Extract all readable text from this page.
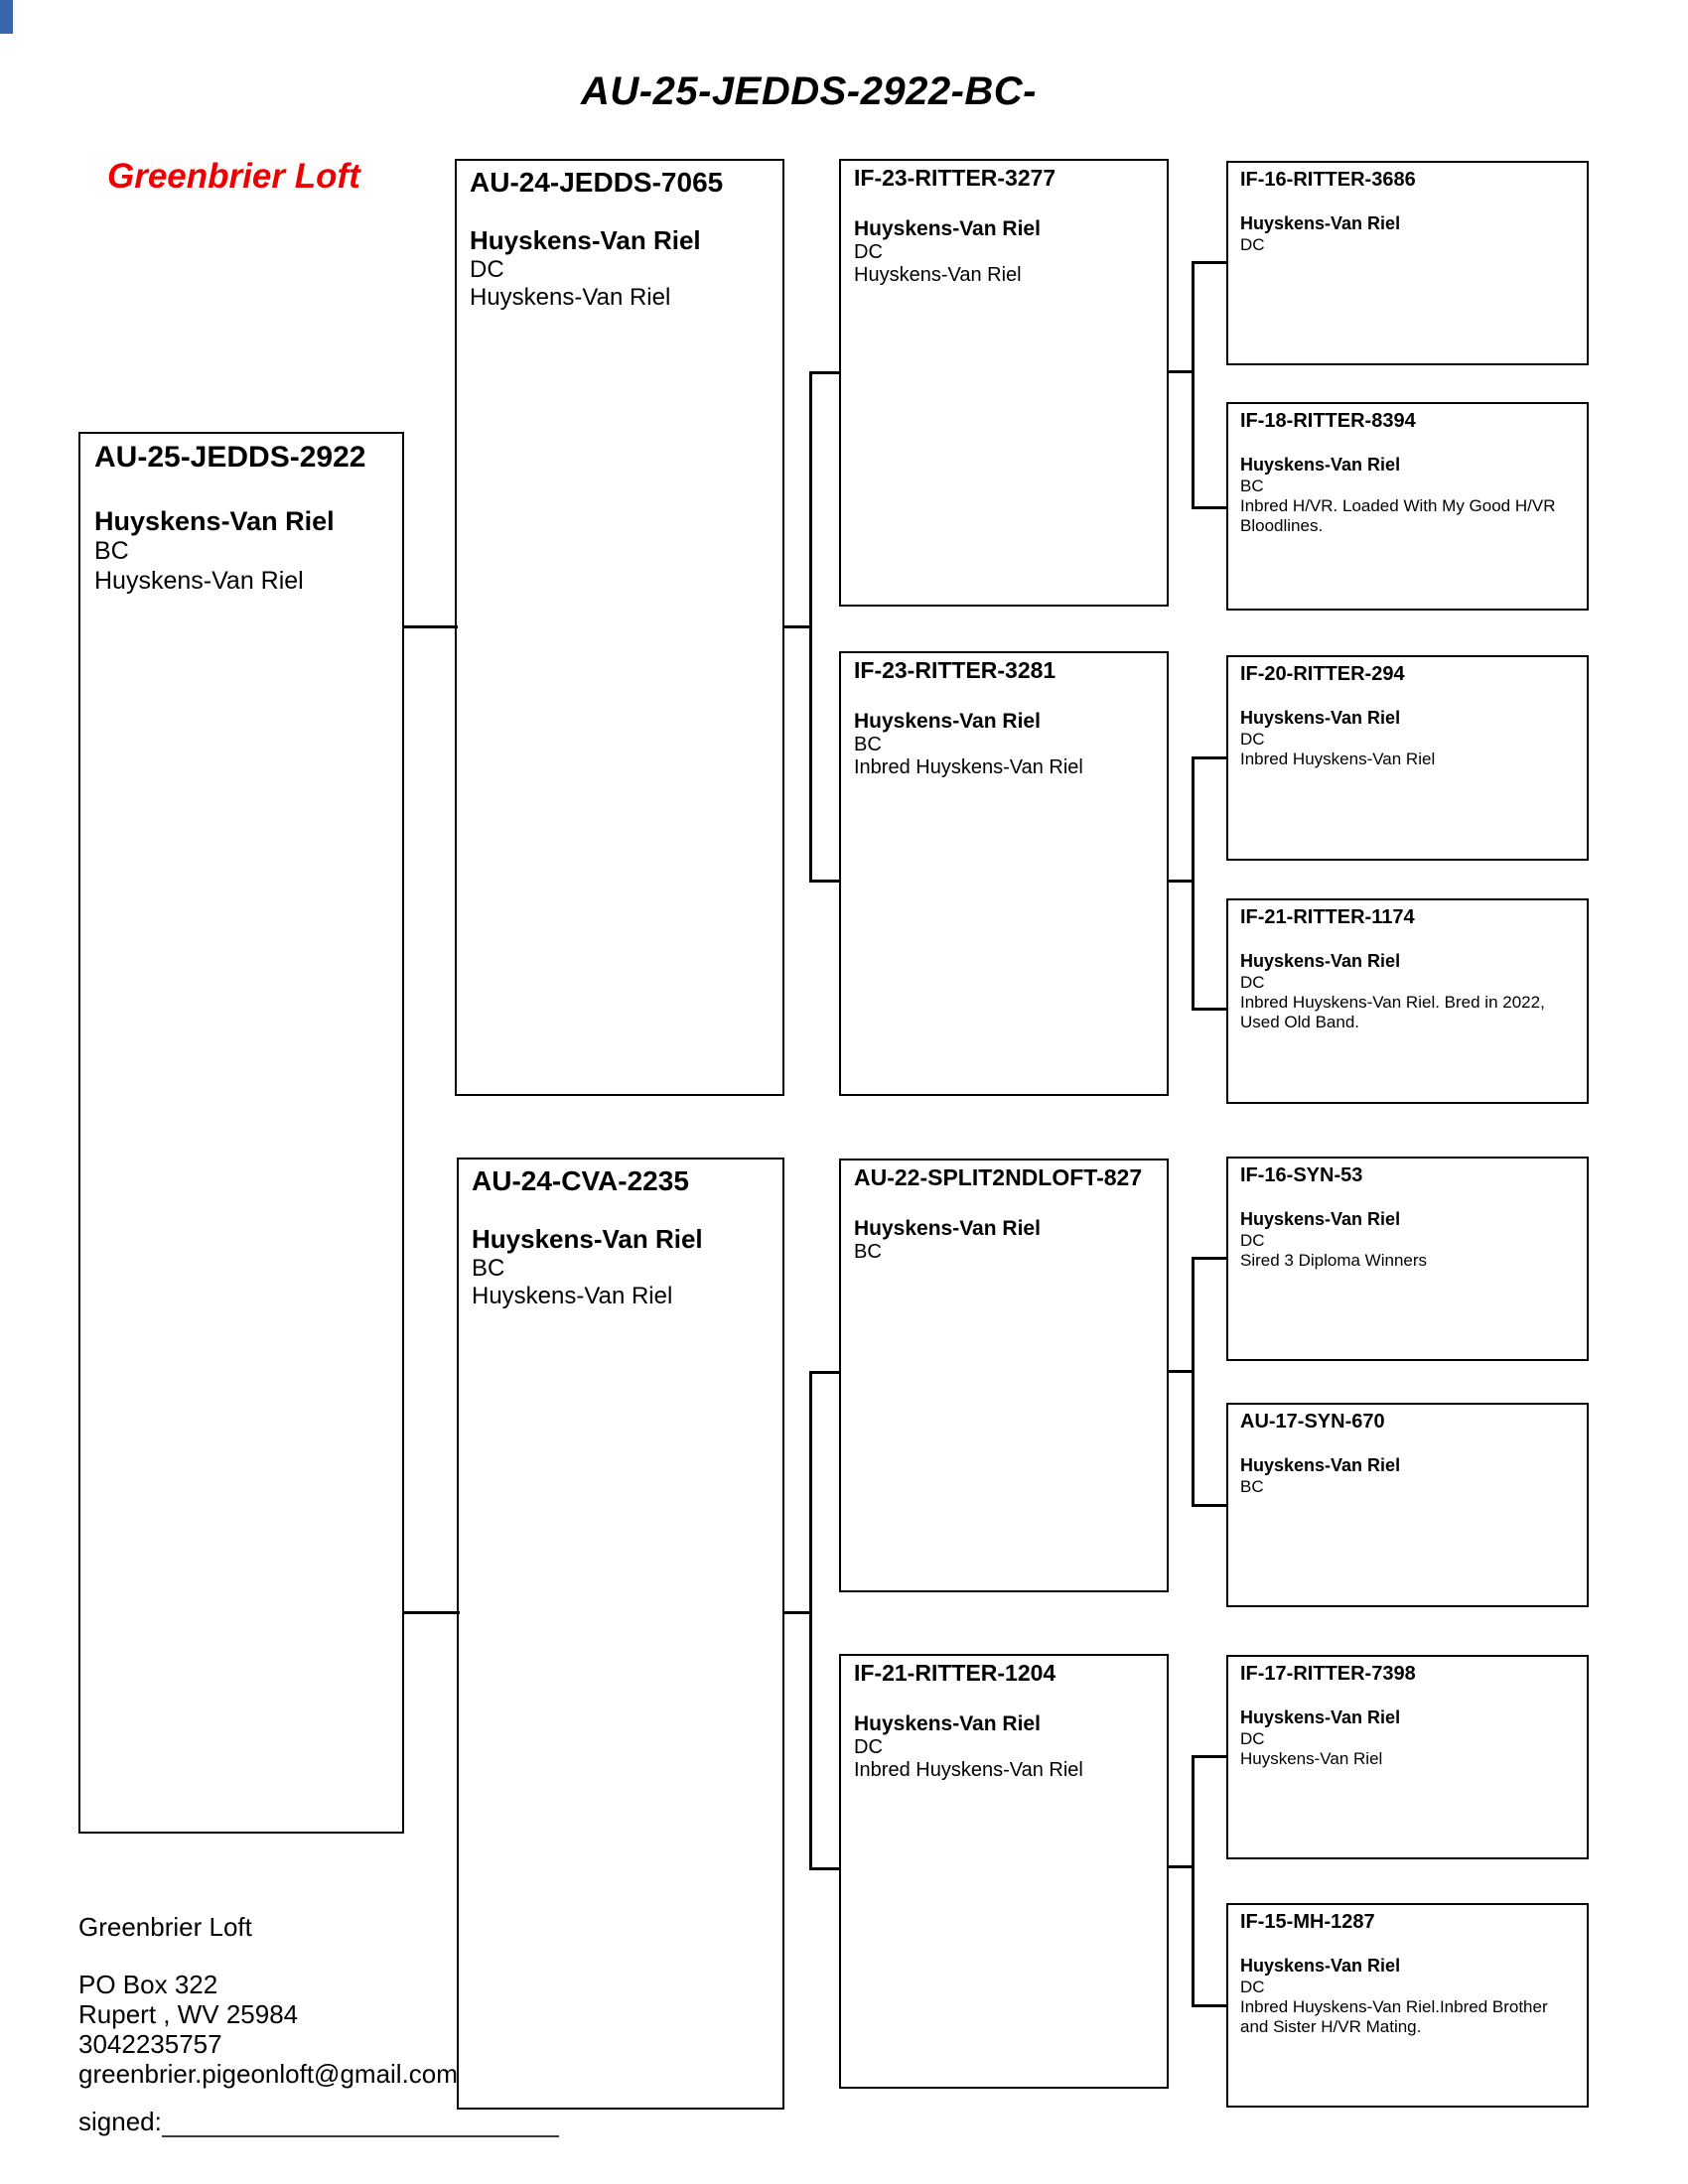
AU-25-JEDDS-2922-BC-
Greenbrier Loft
AU-25-JEDDS-2922
Huyskens-Van Riel
BC
Huyskens-Van Riel
AU-24-JEDDS-7065
Huyskens-Van Riel
DC
Huyskens-Van Riel
AU-24-CVA-2235
Huyskens-Van Riel
BC
Huyskens-Van Riel
IF-23-RITTER-3277
Huyskens-Van Riel
DC
Huyskens-Van Riel
IF-23-RITTER-3281
Huyskens-Van Riel
BC
Inbred Huyskens-Van Riel
AU-22-SPLIT2NDLOFT-827
Huyskens-Van Riel
BC
IF-21-RITTER-1204
Huyskens-Van Riel
DC
Inbred Huyskens-Van Riel
IF-16-RITTER-3686
Huyskens-Van Riel
DC
IF-18-RITTER-8394
Huyskens-Van Riel
BC
Inbred H/VR. Loaded With My Good H/VR Bloodlines.
IF-20-RITTER-294
Huyskens-Van Riel
DC
Inbred Huyskens-Van Riel
IF-21-RITTER-1174
Huyskens-Van Riel
DC
Inbred Huyskens-Van Riel. Bred in 2022, Used Old Band.
IF-16-SYN-53
Huyskens-Van Riel
DC
Sired 3 Diploma Winners
AU-17-SYN-670
Huyskens-Van Riel
BC
IF-17-RITTER-7398
Huyskens-Van Riel
DC
Huyskens-Van Riel
IF-15-MH-1287
Huyskens-Van Riel
DC
Inbred Huyskens-Van Riel.Inbred Brother and Sister H/VR Mating.
Greenbrier Loft
PO Box 322
Rupert , WV 25984
3042235757
greenbrier.pigeonloft@gmail.com
signed:
